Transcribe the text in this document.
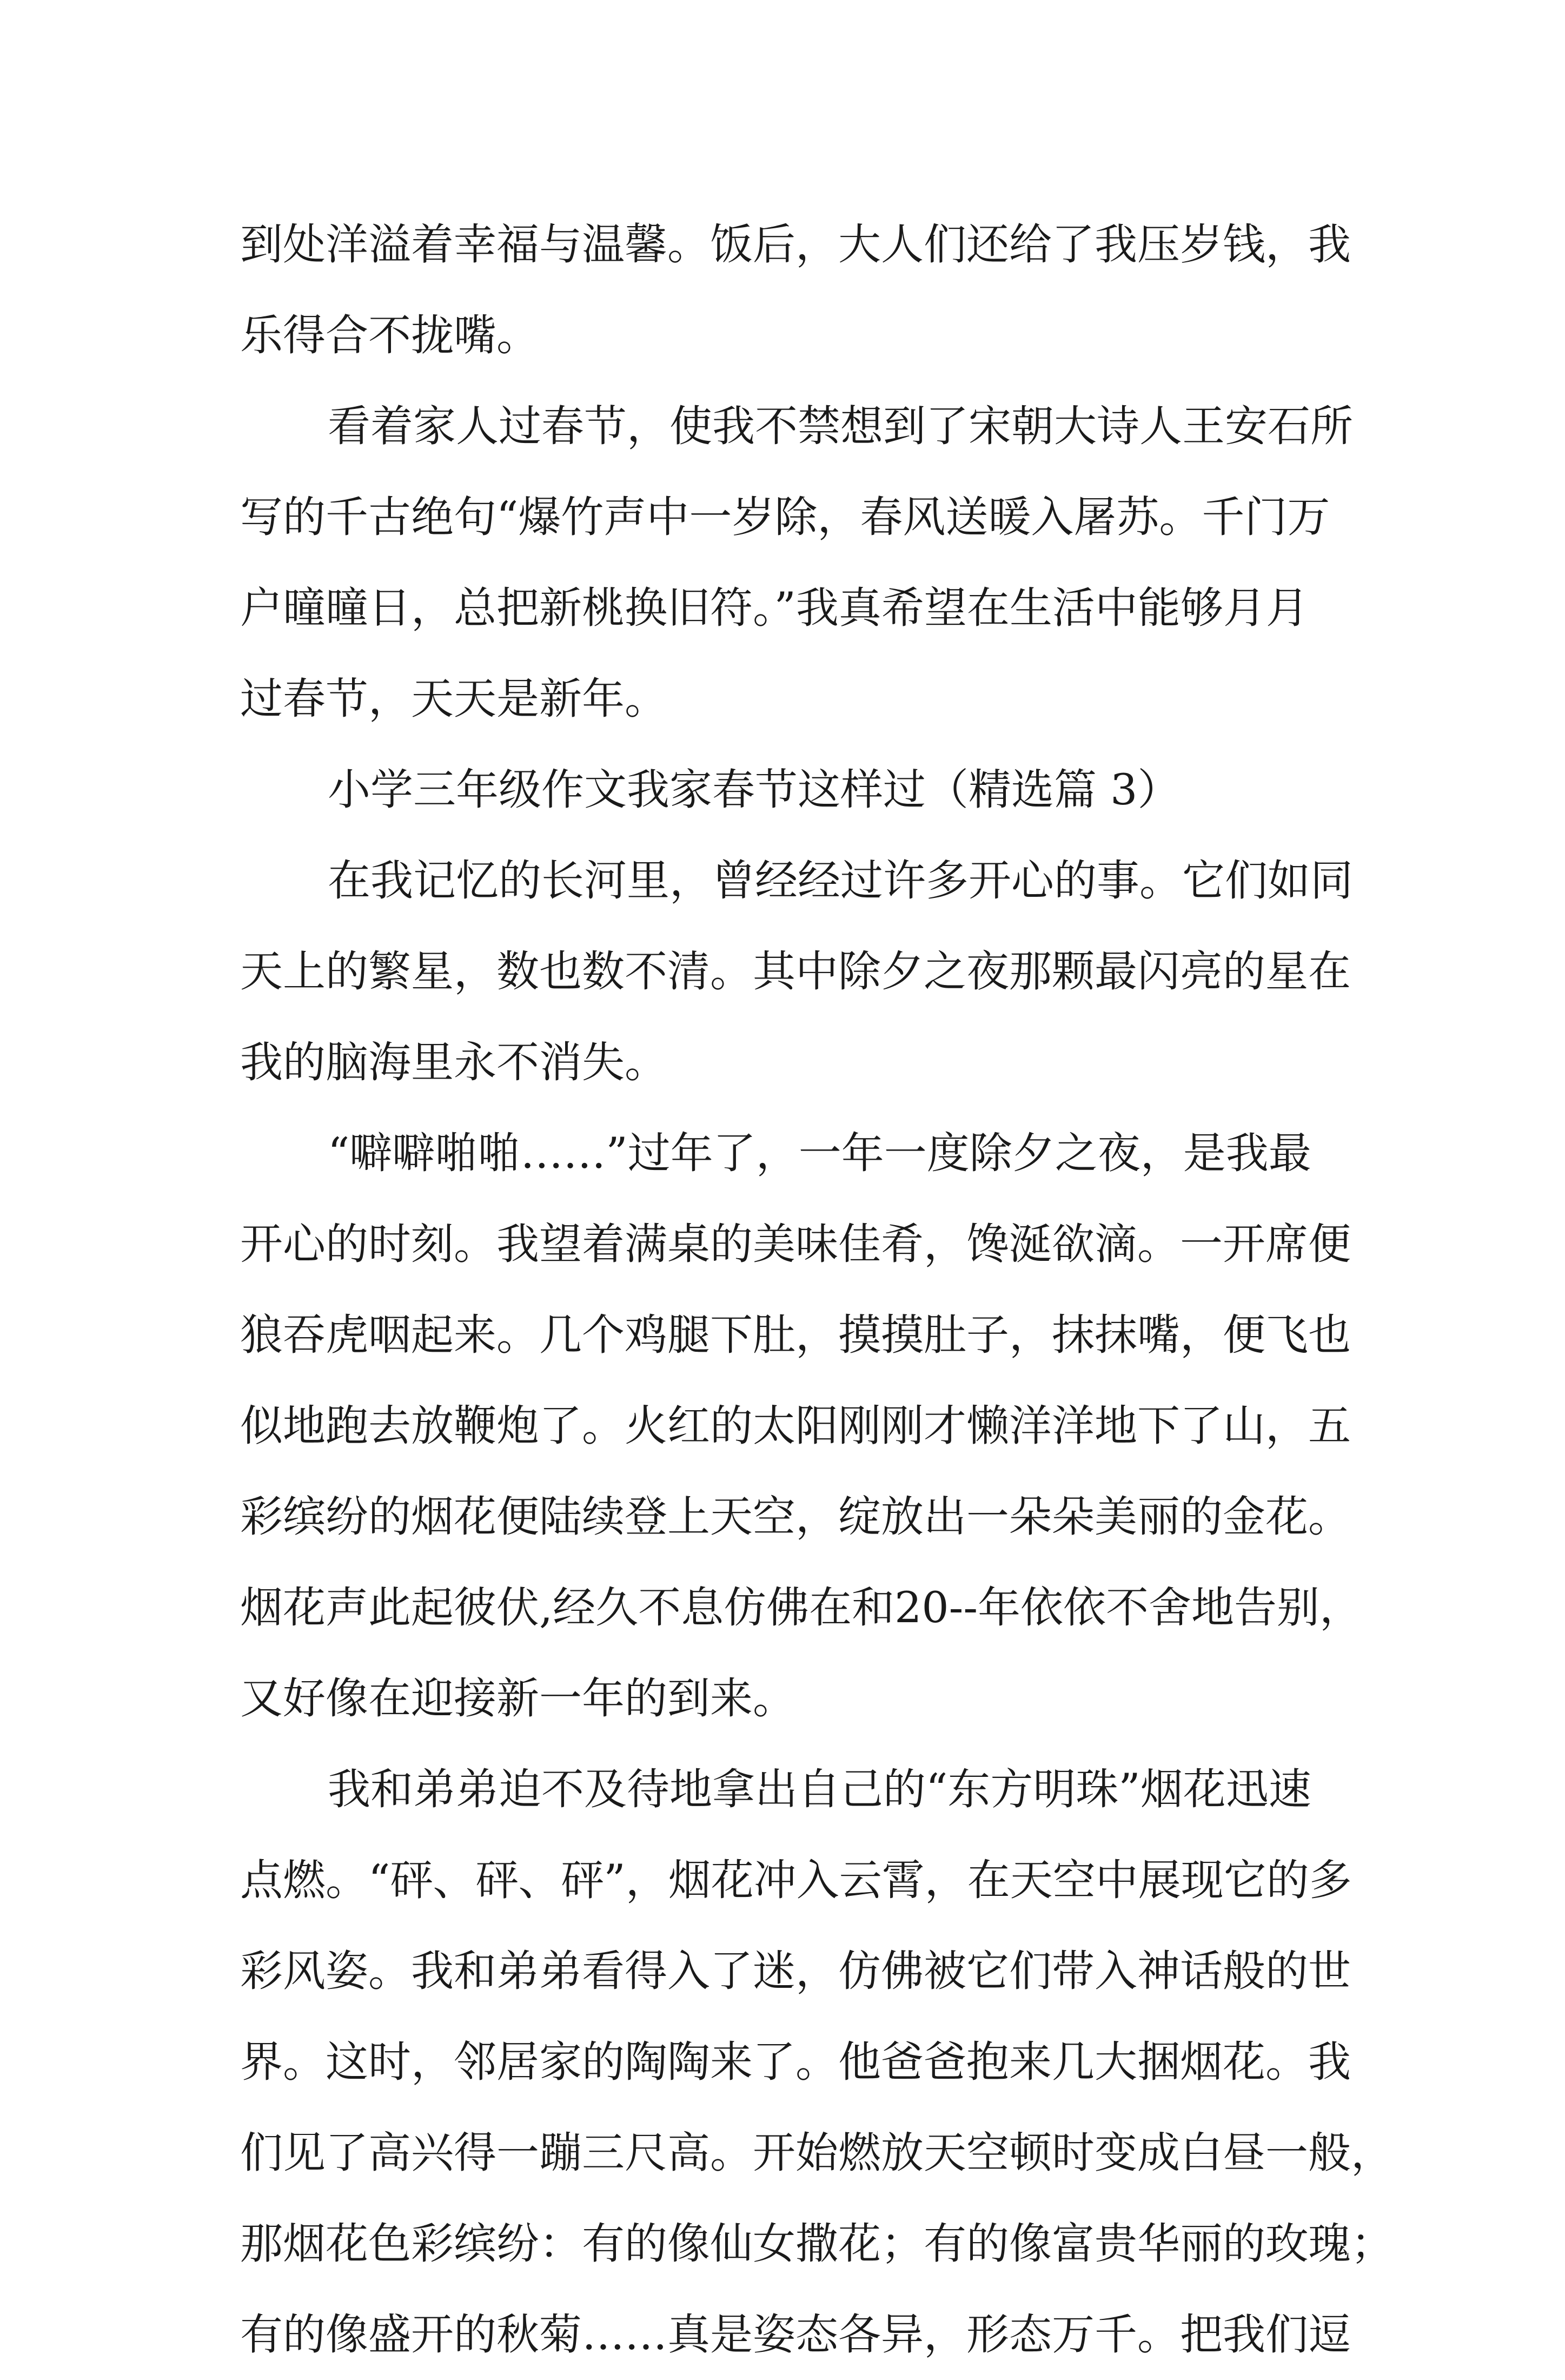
到处洋溢着幸福与温馨。饭后，大人们还给了我压岁钱，我
乐得合不拢嘴。
看着家人过春节，使我不禁想到了宋朝大诗人王安石所
写的千古绝句“爆竹声中一岁除，春风送暖入屠苏。千门万
户曈曈日，总把新桃换旧符。”我真希望在生活中能够月月
过春节，天天是新年。
小学三年级作文我家春节这样过（精选篇 3）
在我记忆的长河里，曾经经过许多开心的事。它们如同
天上的繁星，数也数不清。其中除夕之夜那颗最闪亮的星在
我的脑海里永不消失。
“噼噼啪啪……”过年了，一年一度除夕之夜，是我最
开心的时刻。我望着满桌的美味佳肴，馋涎欲滴。一开席便
狼吞虎咽起来。几个鸡腿下肚，摸摸肚子，抹抹嘴，便飞也
似地跑去放鞭炮了。火红的太阳刚刚才懒洋洋地下了山，五
彩缤纷的烟花便陆续登上天空，绽放出一朵朵美丽的金花。
烟花声此起彼伏,经久不息仿佛在和20--年依依不舍地告别，
又好像在迎接新一年的到来。
我和弟弟迫不及待地拿出自己的“东方明珠”烟花迅速
点燃。“砰、砰、砰”，烟花冲入云霄，在天空中展现它的多
彩风姿。我和弟弟看得入了迷，仿佛被它们带入神话般的世
界。这时，邻居家的陶陶来了。他爸爸抱来几大捆烟花。我
们见了高兴得一蹦三尺高。开始燃放天空顿时变成白昼一般，
那烟花色彩缤纷：有的像仙女撒花；有的像富贵华丽的玫瑰；
有的像盛开的秋菊……真是姿态各异，形态万千。把我们逗
